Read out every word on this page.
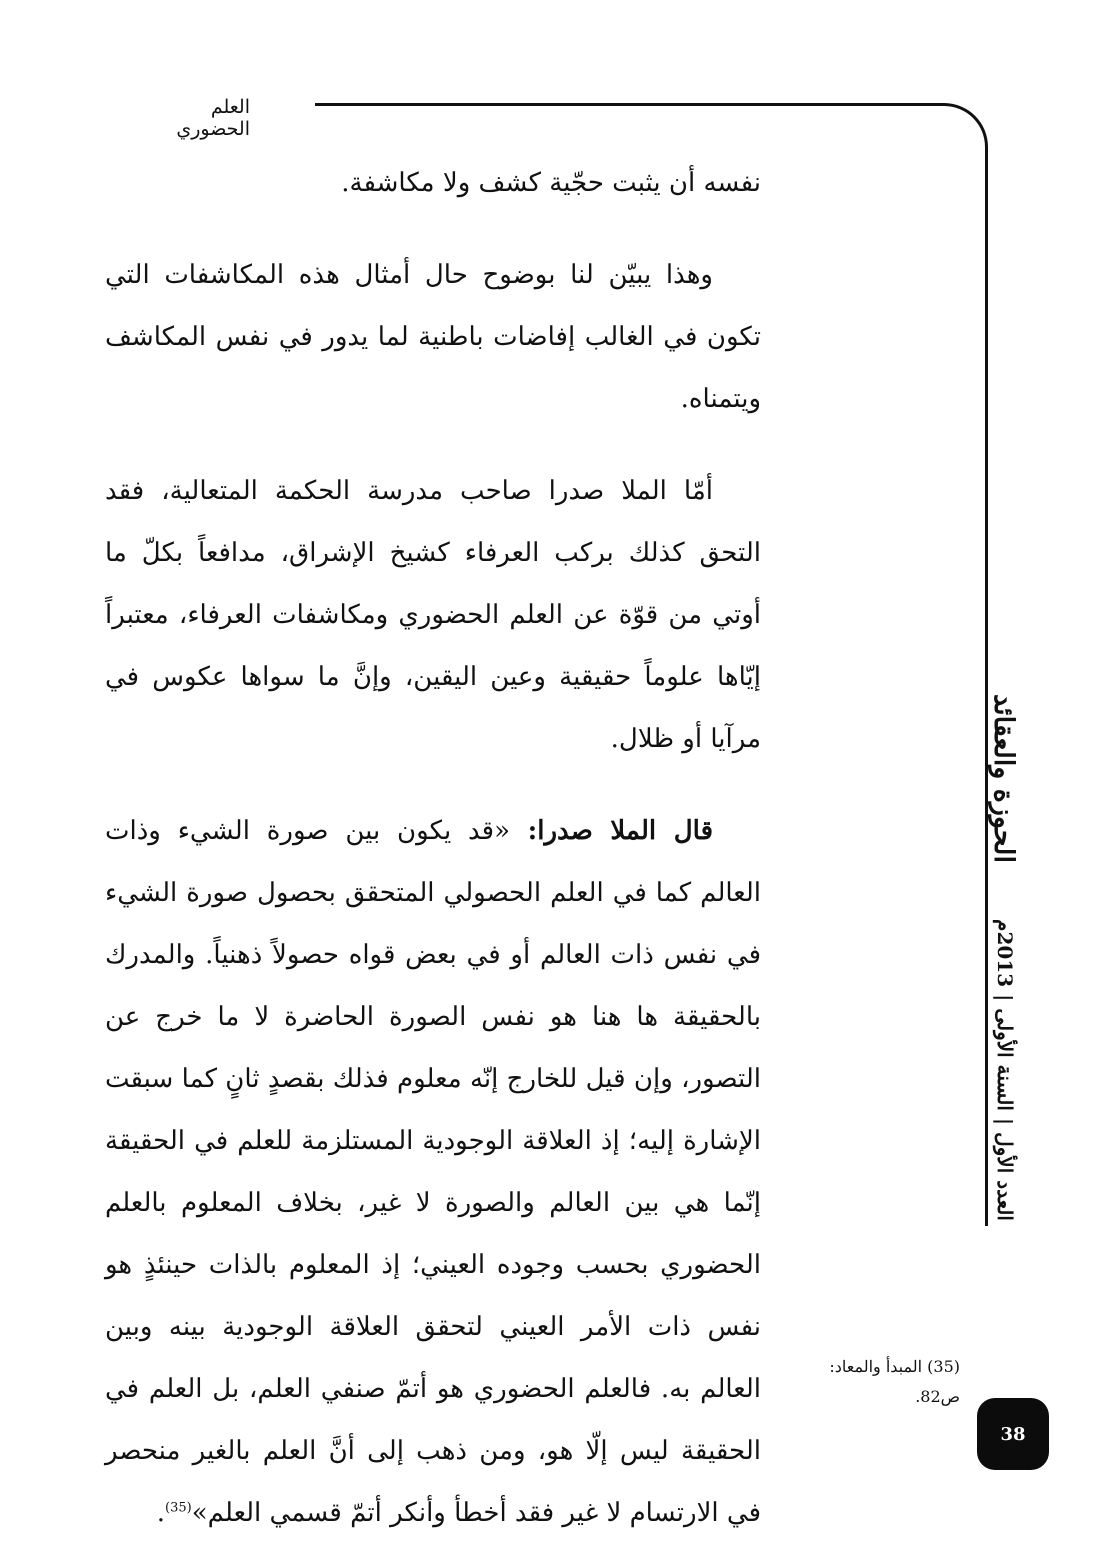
العلم الحضوري

نفسه أن يثبت حجّية كشف ولا مكاشفة.

وهذا يبيّن لنا بوضوح حال أمثال هذه المكاشفات التي تكون في الغالب إفاضات باطنية لما يدور في نفس المكاشف ويتمناه.

أمّا الملا صدرا صاحب مدرسة الحكمة المتعالية، فقد التحق كذلك بركب العرفاء كشيخ الإشراق، مدافعاً بكلّ ما أوتي من قوّة عن العلم الحضوري ومكاشفات العرفاء، معتبراً إيّاها علوماً حقيقية وعين اليقين، وإنَّ ما سواها عكوس في مرآيا أو ظلال.

قال الملا صدرا: «قد يكون بين صورة الشيء وذات العالم كما في العلم الحصولي المتحقق بحصول صورة الشيء في نفس ذات العالم أو في بعض قواه حصولاً ذهنياً. والمدرك بالحقيقة ها هنا هو نفس الصورة الحاضرة لا ما خرج عن التصور، وإن قيل للخارج إنّه معلوم فذلك بقصدٍ ثانٍ كما سبقت الإشارة إليه؛ إذ العلاقة الوجودية المستلزمة للعلم في الحقيقة إنّما هي بين العالم والصورة لا غير، بخلاف المعلوم بالعلم الحضوري بحسب وجوده العيني؛ إذ المعلوم بالذات حينئذٍ هو نفس ذات الأمر العيني لتحقق العلاقة الوجودية بينه وبين العالم به. فالعلم الحضوري هو أتمّ صنفي العلم، بل العلم في الحقيقة ليس إلّا هو، ومن ذهب إلى أنَّ العلم بالغير منحصر في الارتسام لا غير فقد أخطأ وأنكر أتمّ قسمي العلم»$^{(35)}$.

الحوزة والعقائد
العدد الأول | السنة الأولى | 2013م
(35) المبدأ والمعاد:
ص82.
38
